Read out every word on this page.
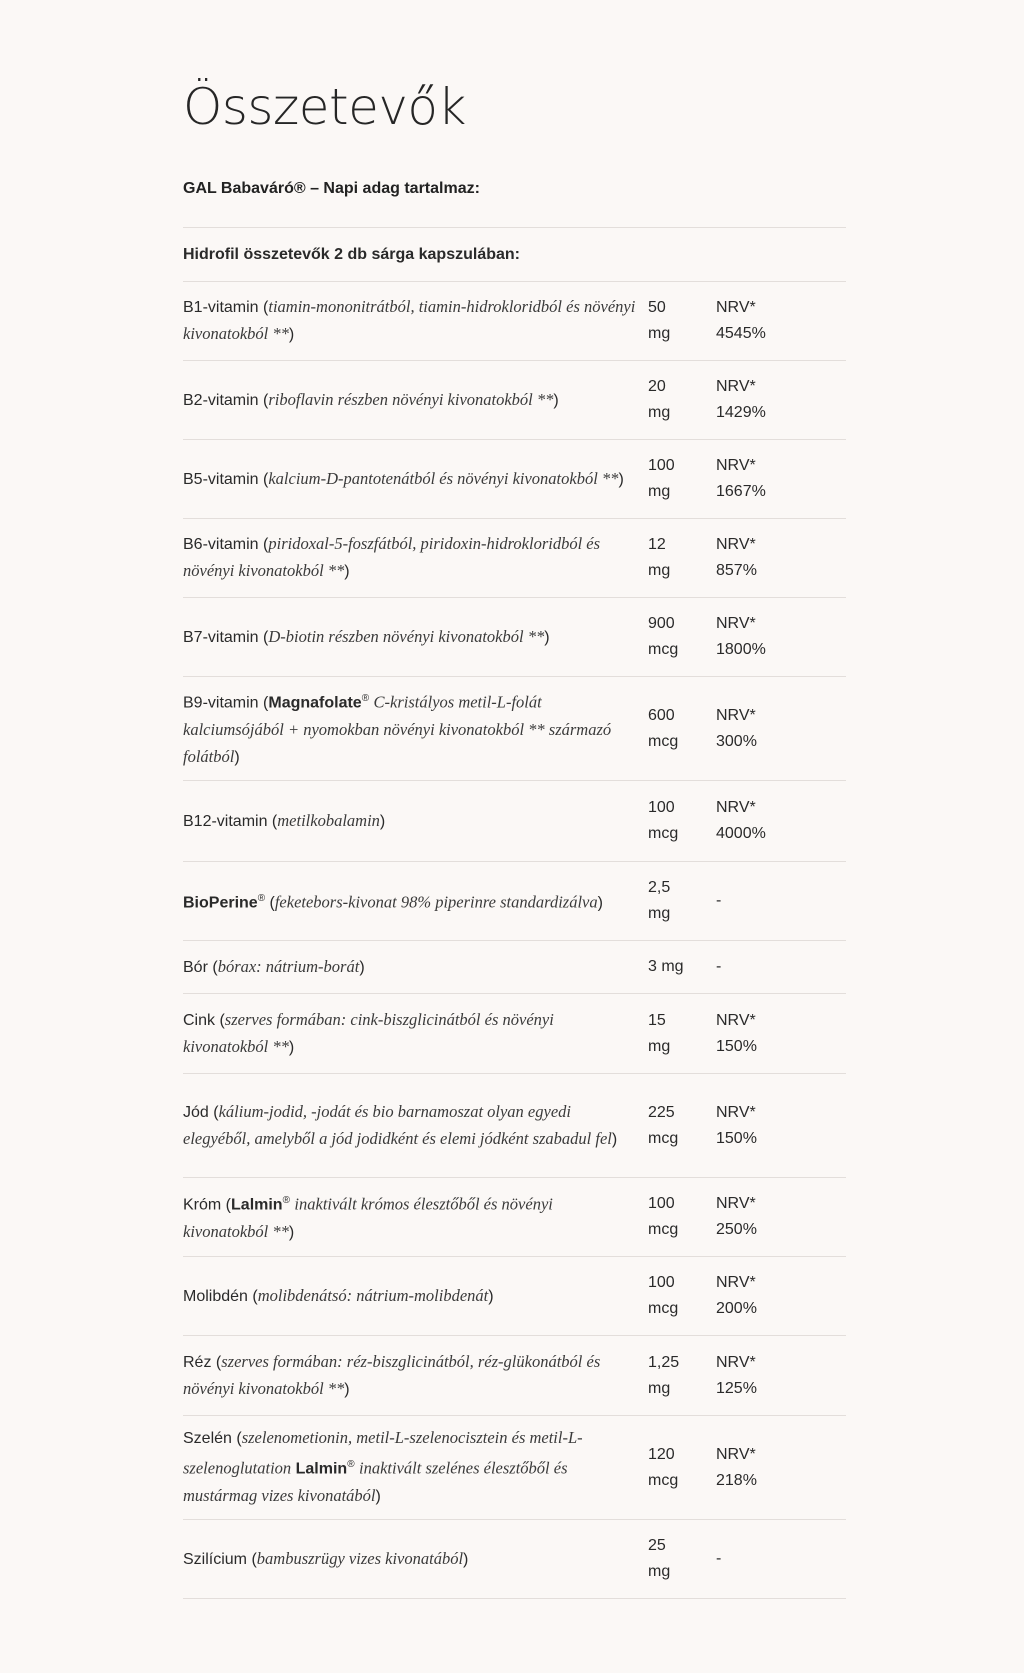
Összetevők
GAL Babaváró® – Napi adag tartalmaz:
Hidrofil összetevők 2 db sárga kapszulában:
B1-vitamin (tiamin-mononitrátból, tiamin-hidrokloridból és növényi kivonatokból **)
50
mg
NRV*
4545%
B2-vitamin (riboflavin részben növényi kivonatokból **)
20
mg
NRV*
1429%
B5-vitamin (kalcium-D-pantotenátból és növényi kivonatokból **)
100
mg
NRV*
1667%
B6-vitamin (piridoxal-5-foszfátból, piridoxin-hidrokloridból és növényi kivonatokból **)
12
mg
NRV*
857%
B7-vitamin (D-biotin részben növényi kivonatokból **)
900
mcg
NRV*
1800%
B9-vitamin (Magnafolate® C-kristályos metil-L-folát kalciumsójából + nyomokban növényi kivonatokból ** származó folátból)
600
mcg
NRV*
300%
B12-vitamin (metilkobalamin)
100
mcg
NRV*
4000%
BioPerine® (feketebors-kivonat 98% piperinre standardizálva)
2,5
mg
-
Bór (bórax: nátrium-borát)	3 mg	-
Cink (szerves formában: cink-biszglicinátból és növényi kivonatokból **)
15
mg
NRV*
150%
Jód (kálium-jodid, -jodát és bio barnamoszat olyan egyedi elegyéből, amelyből a jód jodidként és elemi jódként szabadul fel)
225
mcg
NRV*
150%
Króm (Lalmin® inaktivált krómos élesztőből és növényi kivonatokból **)
100
mcg
NRV*
250%
Molibdén (molibdenátsó: nátrium-molibdenát)
100
mcg
NRV*
200%
Réz (szerves formában: réz-biszglicinátból, réz-glükonátból és növényi kivonatokból **)
1,25
mg
NRV*
125%
Szelén (szelenometionin, metil-L-szelenocisztein és metil-L-szelenoglutation Lalmin® inaktivált szelénes élesztőből és mustármag vizes kivonatából)
120
mcg
NRV*
218%
Szilícium (bambuszrügy vizes kivonatából)
25
mg
-
